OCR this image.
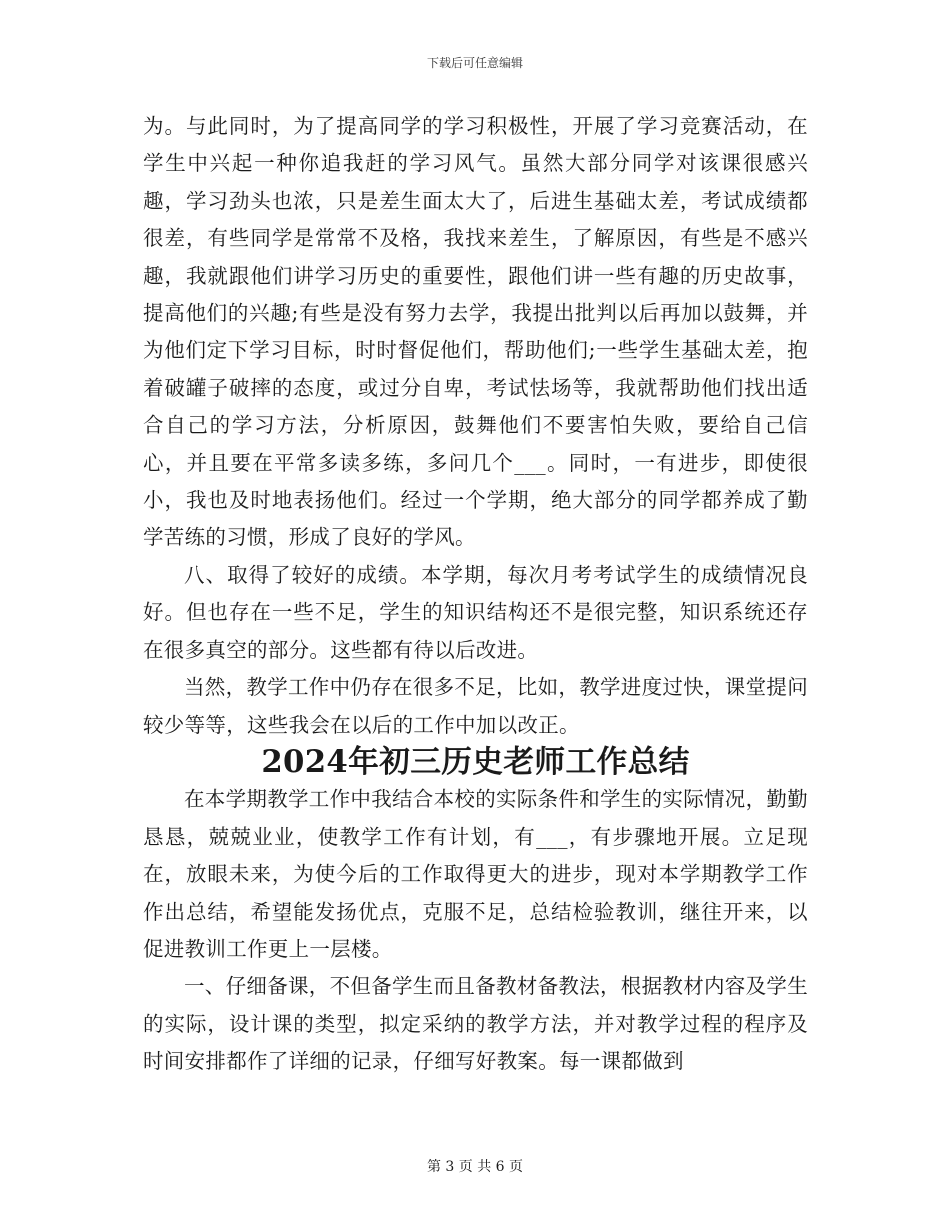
下载后可任意编辑

为。与此同时，为了提高同学的学习积极性，开展了学习竞赛活动，在学生中兴起一种你追我赶的学习风气。虽然大部分同学对该课很感兴趣，学习劲头也浓，只是差生面太大了，后进生基础太差，考试成绩都很差，有些同学是常常不及格，我找来差生，了解原因，有些是不感兴趣，我就跟他们讲学习历史的重要性，跟他们讲一些有趣的历史故事，提高他们的兴趣;有些是没有努力去学，我提出批判以后再加以鼓舞，并为他们定下学习目标，时时督促他们，帮助他们;一些学生基础太差，抱着破罐子破摔的态度，或过分自卑，考试怯场等，我就帮助他们找出适合自己的学习方法，分析原因，鼓舞他们不要害怕失败，要给自己信心，并且要在平常多读多练，多问几个___。同时，一有进步，即使很小，我也及时地表扬他们。经过一个学期，绝大部分的同学都养成了勤学苦练的习惯，形成了良好的学风。

八、取得了较好的成绩。本学期，每次月考考试学生的成绩情况良好。但也存在一些不足，学生的知识结构还不是很完整，知识系统还存在很多真空的部分。这些都有待以后改进。

当然，教学工作中仍存在很多不足，比如，教学进度过快，课堂提问较少等等，这些我会在以后的工作中加以改正。

2024年初三历史老师工作总结

在本学期教学工作中我结合本校的实际条件和学生的实际情况，勤勤恳恳，兢兢业业，使教学工作有计划，有___，有步骤地开展。立足现在，放眼未来，为使今后的工作取得更大的进步，现对本学期教学工作作出总结，希望能发扬优点，克服不足，总结检验教训，继往开来，以促进教训工作更上一层楼。

一、仔细备课，不但备学生而且备教材备教法，根据教材内容及学生的实际，设计课的类型，拟定采纳的教学方法，并对教学过程的程序及时间安排都作了详细的记录，仔细写好教案。每一课都做到

第 3 页 共 6 页
